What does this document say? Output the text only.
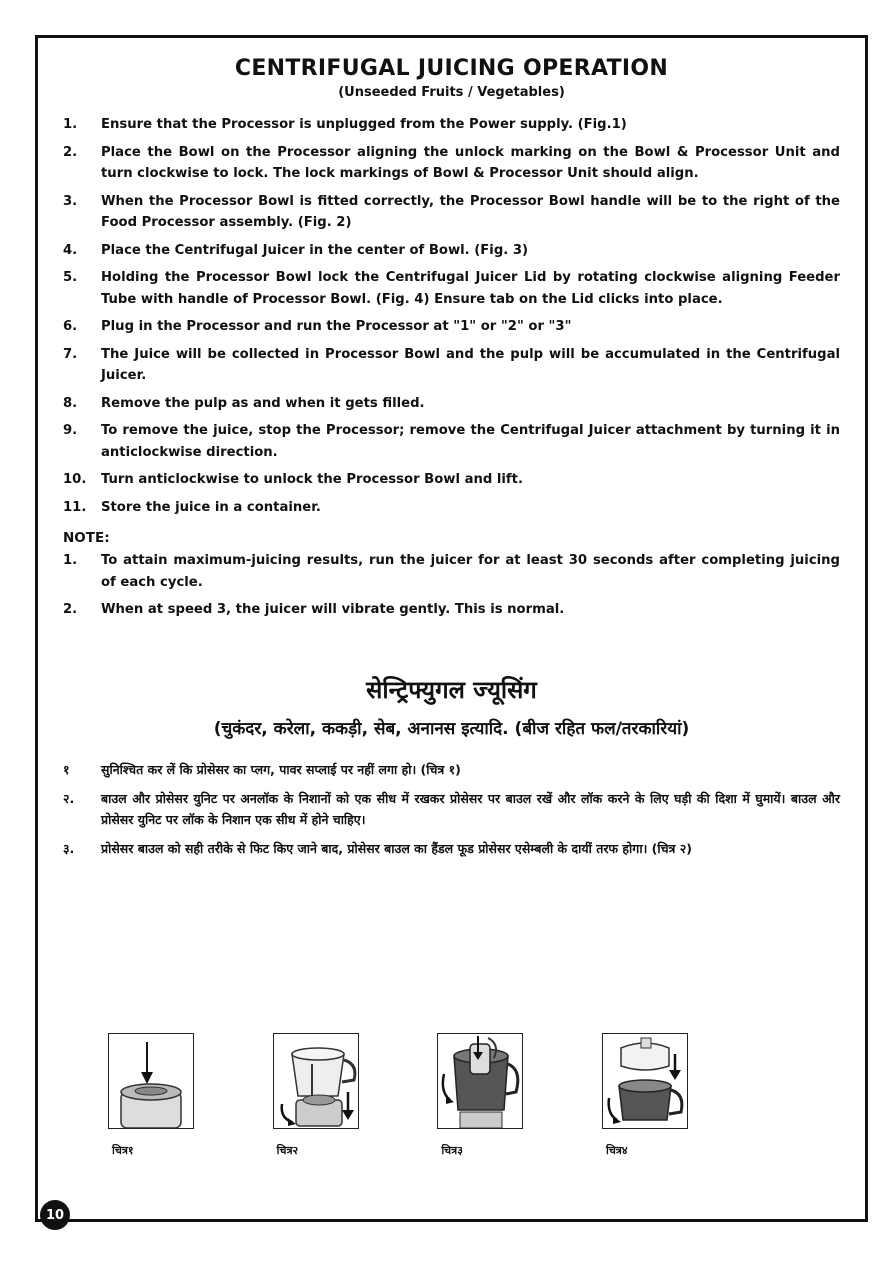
CENTRIFUGAL JUICING OPERATION
(Unseeded Fruits / Vegetables)
1.	Ensure that the Processor is unplugged from the Power supply. (Fig.1)
2.	Place the Bowl on the Processor aligning the unlock marking on the Bowl & Processor Unit and turn clockwise to lock. The lock markings of Bowl & Processor Unit should align.
3.	When the Processor Bowl is fitted correctly, the Processor Bowl handle will be to the right of the Food Processor assembly. (Fig. 2)
4.	Place the Centrifugal Juicer in the center of Bowl. (Fig. 3)
5.	Holding the Processor Bowl lock the Centrifugal Juicer Lid by rotating clockwise aligning Feeder Tube with handle of Processor Bowl. (Fig. 4) Ensure tab on the Lid clicks into place.
6.	Plug in the Processor and run the Processor at "1" or "2" or "3"
7.	The Juice will be collected in Processor Bowl and the pulp will be accumulated in the Centrifugal Juicer.
8.	Remove the pulp as and when it gets filled.
9.	To remove the juice, stop the Processor; remove the Centrifugal Juicer attachment by turning it in anticlockwise direction.
10.	Turn anticlockwise to unlock the Processor Bowl and lift.
11.	Store the juice in a container.
NOTE:
1.	To attain maximum-juicing results, run the juicer for at least 30 seconds after completing juicing of each cycle.
2.	When at speed 3, the juicer will vibrate gently. This is normal.
सेन्ट्रिफ्युगल ज्यूसिंग
(चुकंदर, करेला, ककड़ी, सेब, अनानस इत्यादि. (बीज रहित फल/तरकारियां)
१	सुनिश्चित कर लें कि प्रोसेसर का प्लग, पावर सप्लाई पर नहीं लगा हो। (चित्र १)
२.	बाउल और प्रोसेसर युनिट पर अनलॉक के निशानों को एक सीध में रखकर प्रोसेसर पर बाउल रखें और लॉक करने के लिए घड़ी की दिशा में घुमायें। बाउल और प्रोसेसर युनिट पर लॉक के निशान एक सीध में होने चाहिए।
३.	प्रोसेसर बाउल को सही तरीके से फिट किए जाने बाद, प्रोसेसर बाउल का हैंडल फूड प्रोसेसर एसेम्बली के दायीं तरफ होगा। (चित्र २)
चित्र१	चित्र२	चित्र३	चित्र४
10
